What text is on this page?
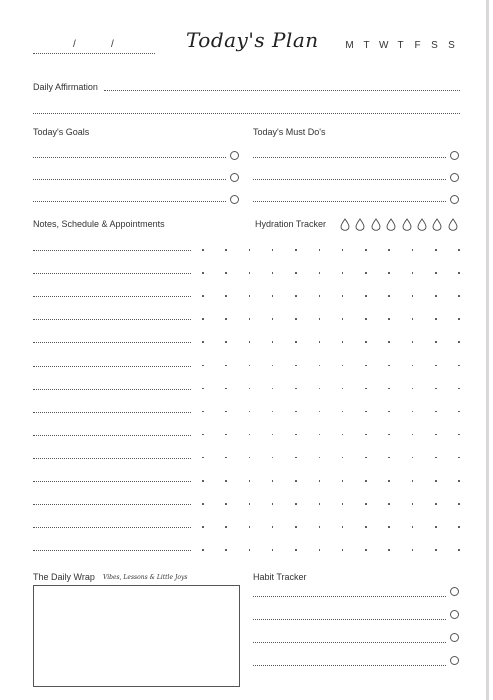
/	/	Today's Plan	M T W T F S S
Daily Affirmation
Today's Goals	Today's Must Do's
Notes, Schedule & Appointments	Hydration Tracker
The Daily Wrap Vibes, Lessons & Little Joys	Habit Tracker
